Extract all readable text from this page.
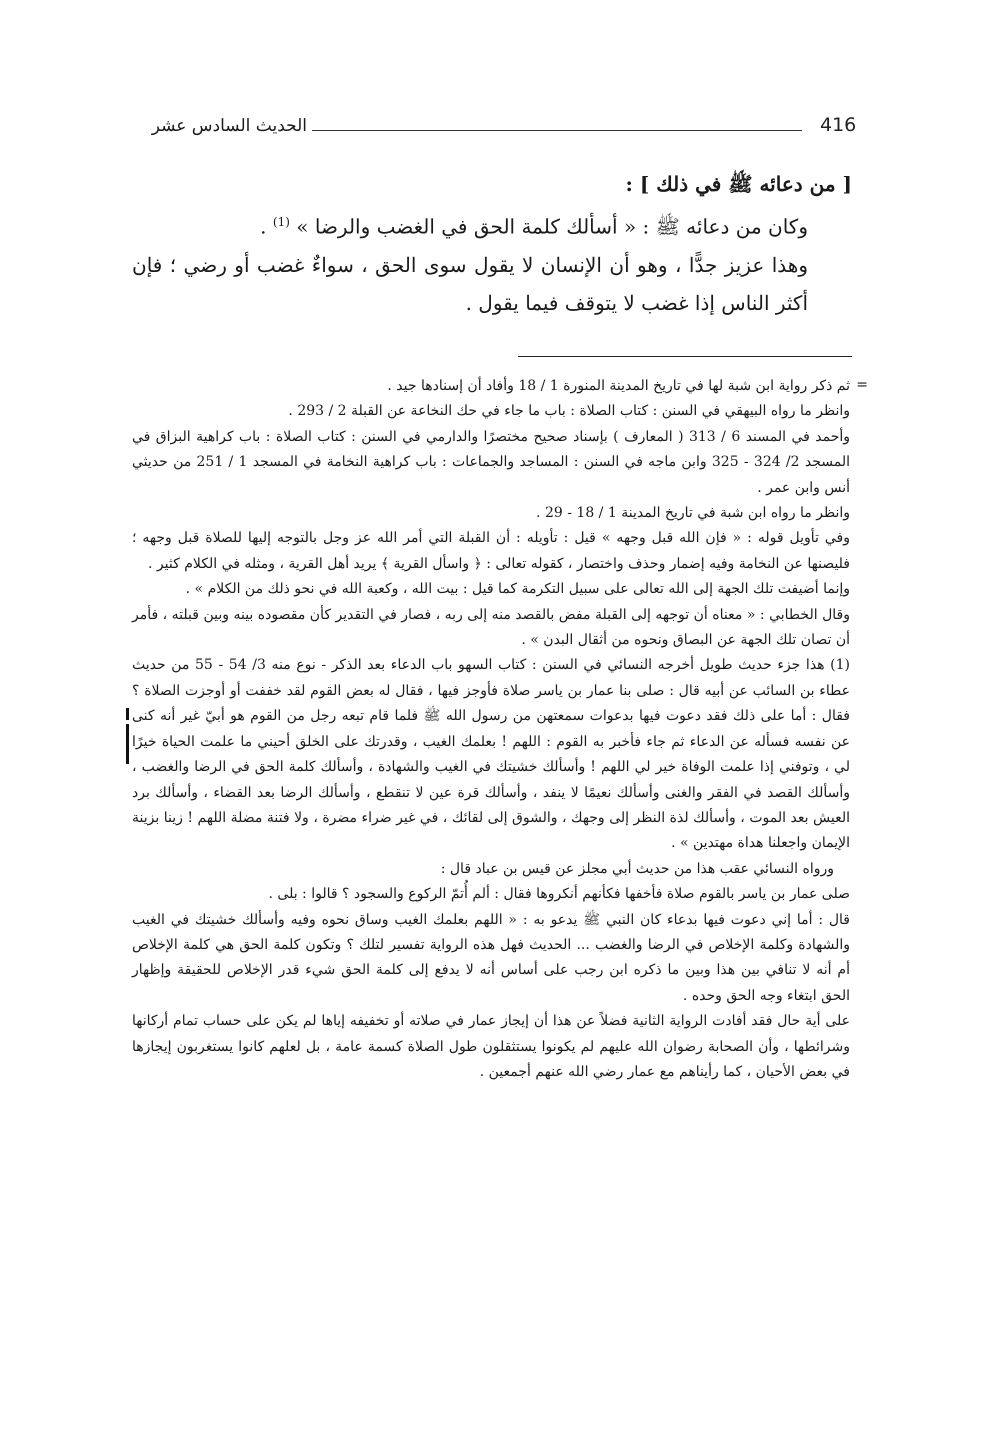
416
الحديث السادس عشر

[ من دعائه ﷺ في ذلك ] :

وكان من دعائه ﷺ : « أسألك كلمة الحق في الغضب والرضا » $^{(1)}$ .

وهذا عزيز جدًّا ، وهو أن الإنسان لا يقول سوى الحق ، سواءٌ غضب أو رضي ؛ فإن أكثر الناس إذا غضب لا يتوقف فيما يقول .

=

ثم ذكر رواية ابن شبة لها في تاريخ المدينة المنورة 1 / 18 وأفاد أن إسنادها جيد .

وانظر ما رواه البيهقي في السنن : كتاب الصلاة : باب ما جاء في حك النخاعة عن القبلة 2 / 293 .

وأحمد في المسند 6 / 313 ( المعارف ) بإسناد صحيح مختصرًا والدارمي في السنن : كتاب الصلاة : باب كراهية البزاق في المسجد 2/ 324 - 325 وابن ماجه في السنن : المساجد والجماعات : باب كراهية النخامة في المسجد 1 / 251 من حديثي أنس وابن عمر .

وانظر ما رواه ابن شبة في تاريخ المدينة 1 / 18 - 29 .

وفي تأويل قوله : « فإن الله قبل وجهه » قيل : تأويله : أن القبلة التي أمر الله عز وجل بالتوجه إليها للصلاة قبل وجهه ؛ فليصنها عن النخامة وفيه إضمار وحذف واختصار ، كقوله تعالى : ﴿ واسأل القرية ﴾ يريد أهل القرية ، ومثله في الكلام كثير .

وإنما أضيفت تلك الجهة إلى الله تعالى على سبيل التكرمة كما قيل : بيت الله ، وكعبة الله في نحو ذلك من الكلام » .

وقال الخطابي : « معناه أن توجهه إلى القبلة مفض بالقصد منه إلى ربه ، فصار في التقدير كأن مقصوده بينه وبين قبلته ، فأمر أن تصان تلك الجهة عن البصاق ونحوه من أثقال البدن » .

(1) هذا جزء حديث طويل أخرجه النسائي في السنن : كتاب السهو باب الدعاء بعد الذكر - نوع منه 3/ 54 - 55 من حديث عطاء بن السائب عن أبيه قال : صلى بنا عمار بن ياسر صلاة فأوجز فيها ، فقال له بعض القوم لقد خففت أو أوجزت الصلاة ؟ فقال : أما على ذلك فقد دعوت فيها بدعوات سمعتهن من رسول الله ﷺ فلما قام تبعه رجل من القوم هو أبيّ غير أنه كنى عن نفسه فسأله عن الدعاء ثم جاء فأخبر به القوم : اللهم ! بعلمك الغيب ، وقدرتك على الخلق أحيني ما علمت الحياة خيرًا لي ، وتوفني إذا علمت الوفاة خير لي اللهم ! وأسألك خشيتك في الغيب والشهادة ، وأسألك كلمة الحق في الرضا والغضب ، وأسألك القصد في الفقر والغنى وأسألك نعيمًا لا ينفد ، وأسألك قرة عين لا تنقطع ، وأسألك الرضا بعد القضاء ، وأسألك برد العيش بعد الموت ، وأسألك لذة النظر إلى وجهك ، والشوق إلى لقائك ، في غير ضراء مضرة ، ولا فتنة مضلة اللهم ! زينا بزينة الإيمان واجعلنا هداة مهتدين » .

ورواه النسائي عقب هذا من حديث أبي مجلز عن قيس بن عباد قال :

صلى عمار بن ياسر بالقوم صلاة فأخفها فكأنهم أنكروها فقال : ألم أُتمّ الركوع والسجود ؟ قالوا : بلى .

قال : أما إني دعوت فيها بدعاء كان النبي ﷺ يدعو به : « اللهم بعلمك الغيب وساق نحوه وفيه وأسألك خشيتك في الغيب والشهادة وكلمة الإخلاص في الرضا والغضب ... الحديث فهل هذه الرواية تفسير لتلك ؟ وتكون كلمة الحق هي كلمة الإخلاص أم أنه لا تنافي بين هذا وبين ما ذكره ابن رجب على أساس أنه لا يدفع إلى كلمة الحق شيء قدر الإخلاص للحقيقة وإظهار الحق ابتغاء وجه الحق وحده .

على أية حال فقد أفادت الرواية الثانية فضلاً عن هذا أن إيجاز عمار في صلاته أو تخفيفه إياها لم يكن على حساب تمام أركانها وشرائطها ، وأن الصحابة رضوان الله عليهم لم يكونوا يستثقلون طول الصلاة كسمة عامة ، بل لعلهم كانوا يستغربون إيجازها في بعض الأحيان ، كما رأيناهم مع عمار رضي الله عنهم أجمعين .
